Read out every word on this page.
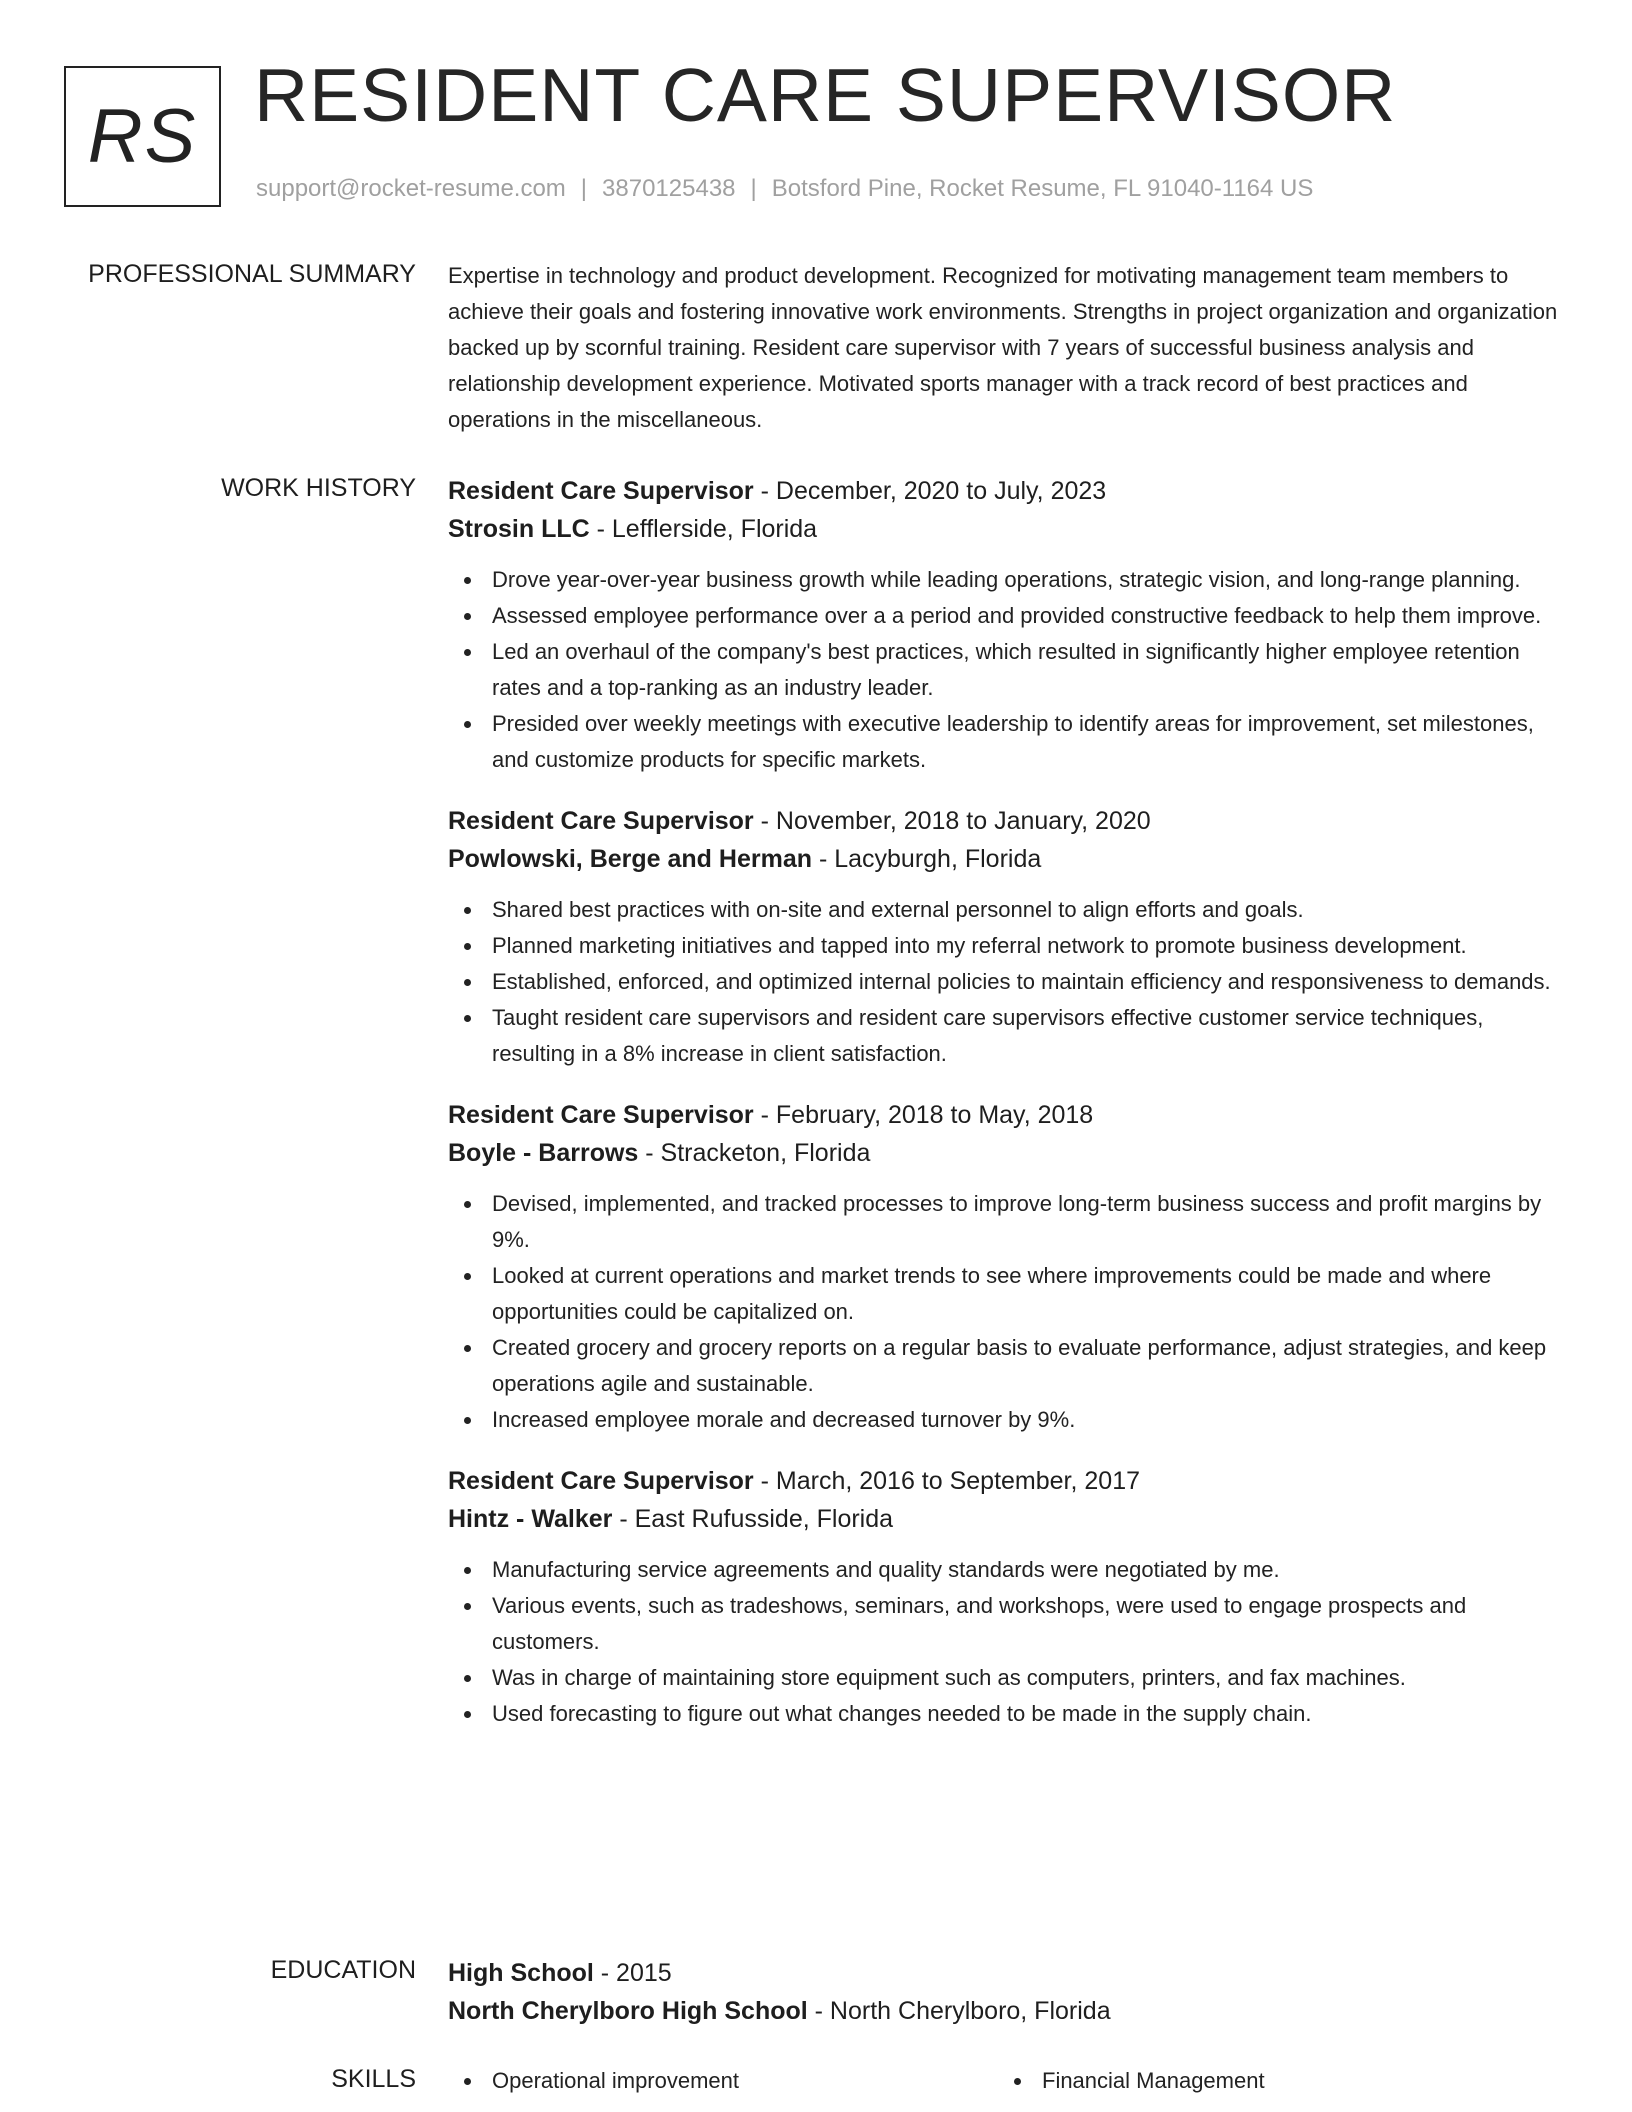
RS RESIDENT CARE SUPERVISOR
support@rocket-resume.com | 3870125438 | Botsford Pine, Rocket Resume, FL 91040-1164 US
PROFESSIONAL SUMMARY Expertise in technology and product development. Recognized for motivating management team members to achieve their goals and fostering innovative work environments. Strengths in project organization and organization backed up by scornful training. Resident care supervisor with 7 years of successful business analysis and relationship development experience. Motivated sports manager with a track record of best practices and operations in the miscellaneous.

WORK HISTORY Resident Care Supervisor - December, 2020 to July, 2023
Strosin LLC - Lefflerside, Florida
Drove year-over-year business growth while leading operations, strategic vision, and long-range planning.
Assessed employee performance over a a period and provided constructive feedback to help them improve.
Led an overhaul of the company's best practices, which resulted in significantly higher employee retention rates and a top-ranking as an industry leader.
Presided over weekly meetings with executive leadership to identify areas for improvement, set milestones, and customize products for specific markets.
Resident Care Supervisor - November, 2018 to January, 2020
Powlowski, Berge and Herman - Lacyburgh, Florida
Shared best practices with on-site and external personnel to align efforts and goals.
Planned marketing initiatives and tapped into my referral network to promote business development.
Established, enforced, and optimized internal policies to maintain efficiency and responsiveness to demands.
Taught resident care supervisors and resident care supervisors effective customer service techniques, resulting in a 8% increase in client satisfaction.
Resident Care Supervisor - February, 2018 to May, 2018
Boyle - Barrows - Stracketon, Florida
Devised, implemented, and tracked processes to improve long-term business success and profit margins by 9%.
Looked at current operations and market trends to see where improvements could be made and where opportunities could be capitalized on.
Created grocery and grocery reports on a regular basis to evaluate performance, adjust strategies, and keep operations agile and sustainable.
Increased employee morale and decreased turnover by 9%.
Resident Care Supervisor - March, 2016 to September, 2017
Hintz - Walker - East Rufusside, Florida
Manufacturing service agreements and quality standards were negotiated by me.
Various events, such as tradeshows, seminars, and workshops, were used to engage prospects and customers.
Was in charge of maintaining store equipment such as computers, printers, and fax machines.
Used forecasting to figure out what changes needed to be made in the supply chain.
EDUCATION High School - 2015
North Cherylboro High School - North Cherylboro, Florida
SKILLS	Operational improvement	Financial Management
